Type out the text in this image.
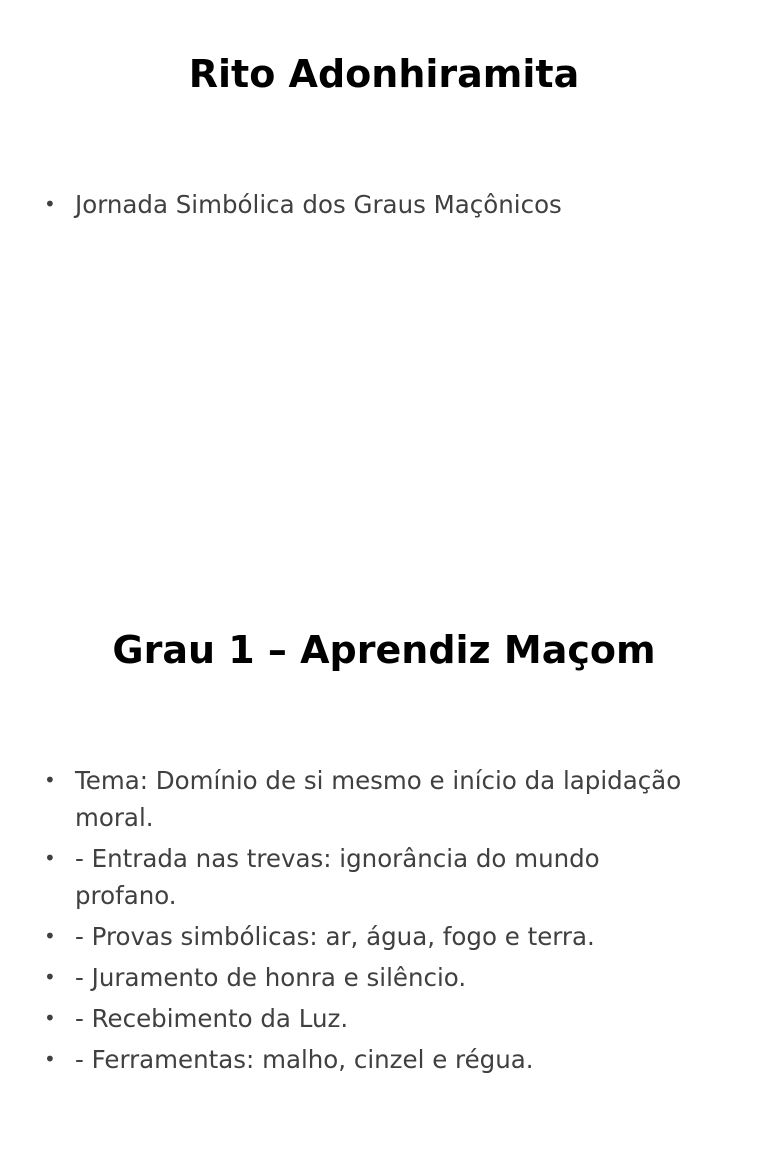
Rito Adonhiramita
• Jornada Simbólica dos Graus Maçônicos
Grau 1 – Aprendiz Maçom
• Tema: Domínio de si mesmo e início da lapidação moral.
• - Entrada nas trevas: ignorância do mundo profano.
• - Provas simbólicas: ar, água, fogo e terra.
• - Juramento de honra e silêncio.
• - Recebimento da Luz.
• - Ferramentas: malho, cinzel e régua.
